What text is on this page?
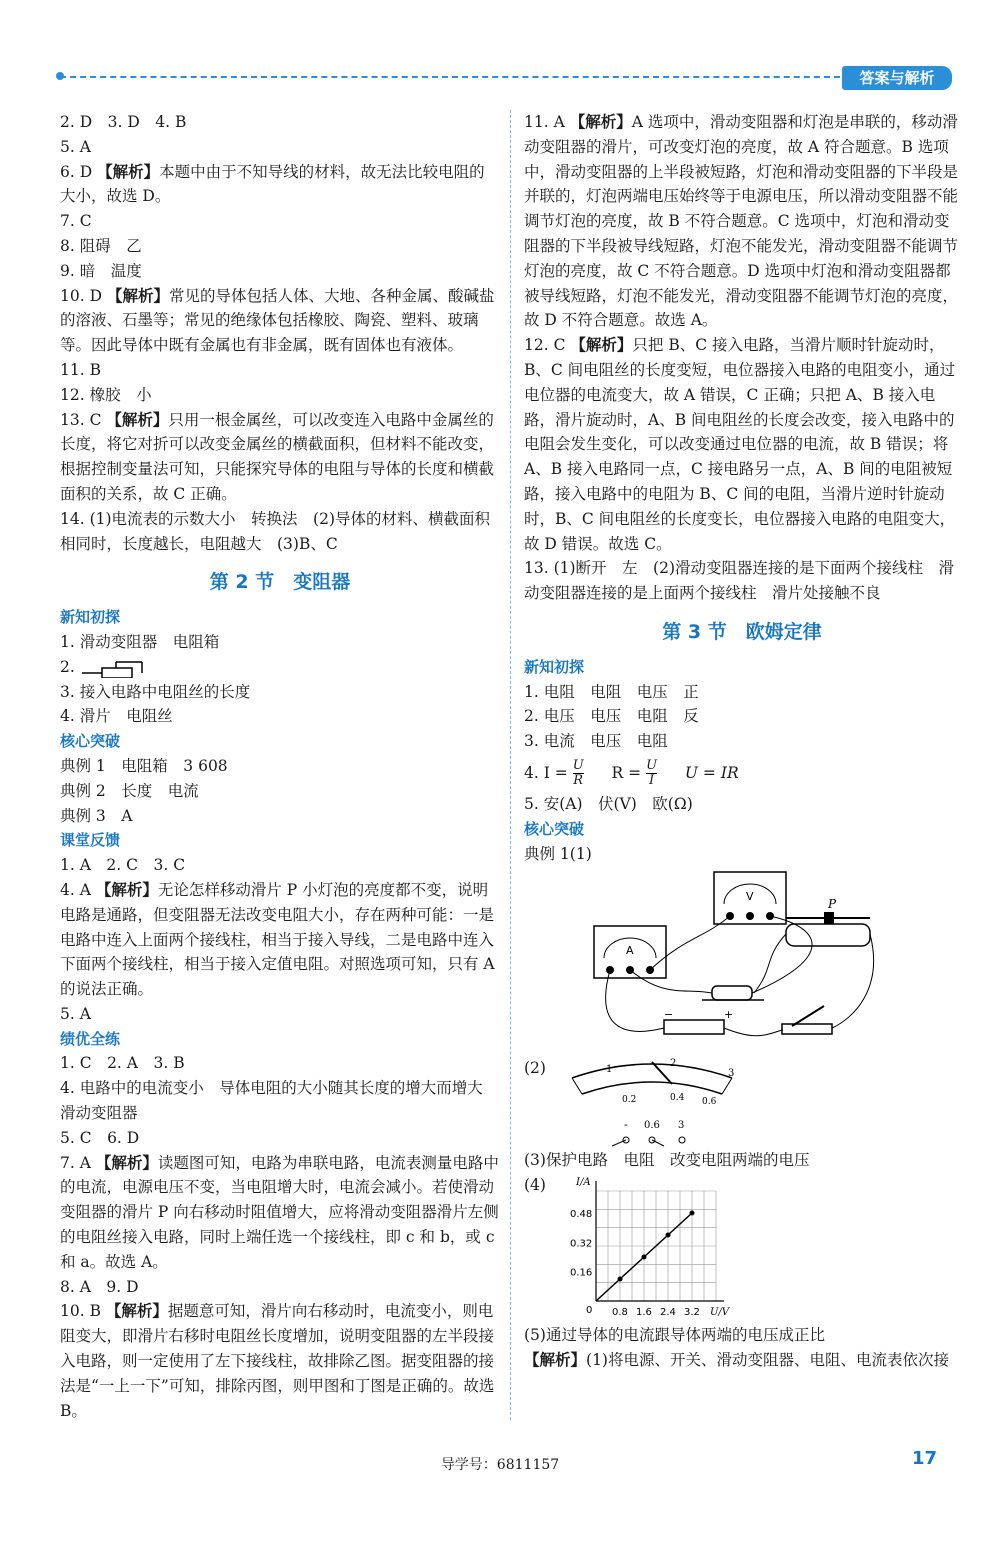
答案与解析

2. D　3. D　4. B

5. A

6. D 【解析】本题中由于不知导线的材料，故无法比较电阻的大小，故选 D。

7. C

8. 阻碍　乙

9. 暗　温度

10. D 【解析】常见的导体包括人体、大地、各种金属、酸碱盐的溶液、石墨等；常见的绝缘体包括橡胶、陶瓷、塑料、玻璃等。因此导体中既有金属也有非金属，既有固体也有液体。

11. B

12. 橡胶　小

13. C 【解析】只用一根金属丝，可以改变连入电路中金属丝的长度，将它对折可以改变金属丝的横截面积，但材料不能改变，根据控制变量法可知，只能探究导体的电阻与导体的长度和横截面积的关系，故 C 正确。

14. (1)电流表的示数大小　转换法　(2)导体的材料、横截面积相同时，长度越长，电阻越大　(3)B、C

第 2 节　变阻器
新知初探

1. 滑动变阻器　电阻箱

2.

3. 接入电路中电阻丝的长度

4. 滑片　电阻丝

核心突破

典例 1　电阻箱　3 608

典例 2　长度　电流

典例 3　A

课堂反馈

1. A　2. C　3. C

4. A 【解析】无论怎样移动滑片 P 小灯泡的亮度都不变，说明电路是通路，但变阻器无法改变电阻大小，存在两种可能：一是电路中连入上面两个接线柱，相当于接入导线，二是电路中连入下面两个接线柱，相当于接入定值电阻。对照选项可知，只有 A 的说法正确。

5. A

绩优全练

1. C　2. A　3. B

4. 电路中的电流变小　导体电阻的大小随其长度的增大而增大　滑动变阻器

5. C　6. D

7. A 【解析】读题图可知，电路为串联电路，电流表测量电路中的电流，电源电压不变，当电阻增大时，电流会减小。若使滑动变阻器的滑片 P 向右移动时阻值增大，应将滑动变阻器滑片左侧的电阻丝接入电路，同时上端任选一个接线柱，即 c 和 b，或 c 和 a。故选 A。

8. A　9. D

10. B 【解析】据题意可知，滑片向右移动时，电流变小，则电阻变大，即滑片右移时电阻丝长度增加，说明变阻器的左半段接入电路，则一定使用了左下接线柱，故排除乙图。据变阻器的接法是“一上一下”可知，排除丙图，则甲图和丁图是正确的。故选 B。

11. A 【解析】A 选项中，滑动变阻器和灯泡是串联的，移动滑动变阻器的滑片，可改变灯泡的亮度，故 A 符合题意。B 选项中，滑动变阻器的上半段被短路，灯泡和滑动变阻器的下半段是并联的，灯泡两端电压始终等于电源电压，所以滑动变阻器不能调节灯泡的亮度，故 B 不符合题意。C 选项中，灯泡和滑动变阻器的下半段被导线短路，灯泡不能发光，滑动变阻器不能调节灯泡的亮度，故 C 不符合题意。D 选项中灯泡和滑动变阻器都被导线短路，灯泡不能发光，滑动变阻器不能调节灯泡的亮度，故 D 不符合题意。故选 A。

12. C 【解析】只把 B、C 接入电路，当滑片顺时针旋动时，B、C 间电阻丝的长度变短，电位器接入电路的电阻变小，通过电位器的电流变大，故 A 错误，C 正确；只把 A、B 接入电路，滑片旋动时，A、B 间电阻丝的长度会改变，接入电路中的电阻会发生变化，可以改变通过电位器的电流，故 B 错误；将 A、B 接入电路同一点，C 接电路另一点，A、B 间的电阻被短路，接入电路中的电阻为 B、C 间的电阻，当滑片逆时针旋动时，B、C 间电阻丝的长度变长，电位器接入电路的电阻变大，故 D 错误。故选 C。

13. (1)断开　左　(2)滑动变阻器连接的是下面两个接线柱　滑动变阻器连接的是上面两个接线柱　滑片处接触不良

第 3 节　欧姆定律
新知初探

1. 电阻　电阻　电压　正

2. 电压　电压　电阻　反

3. 电流　电压　电阻

4. $I = \frac{U}{R}$ $R = \frac{U}{I}$ U = IR

5. 安(A)　伏(V)　欧(Ω)

核心突破

典例 1(1)

V
A
P
−	+
(2)	1
2
3
0.2	0.4 0.6
- 0.6 3

(3)保护电路　电阻　改变电阻两端的电压

(4)
0.8 1.6 2.4 3.2
0.16
0.32
0.48
0	U/V
I/A

(5)通过导体的电流跟导体两端的电压成正比

【解析】(1)将电源、开关、滑动变阻器、电阻、电流表依次接

导学号：6811157	17
